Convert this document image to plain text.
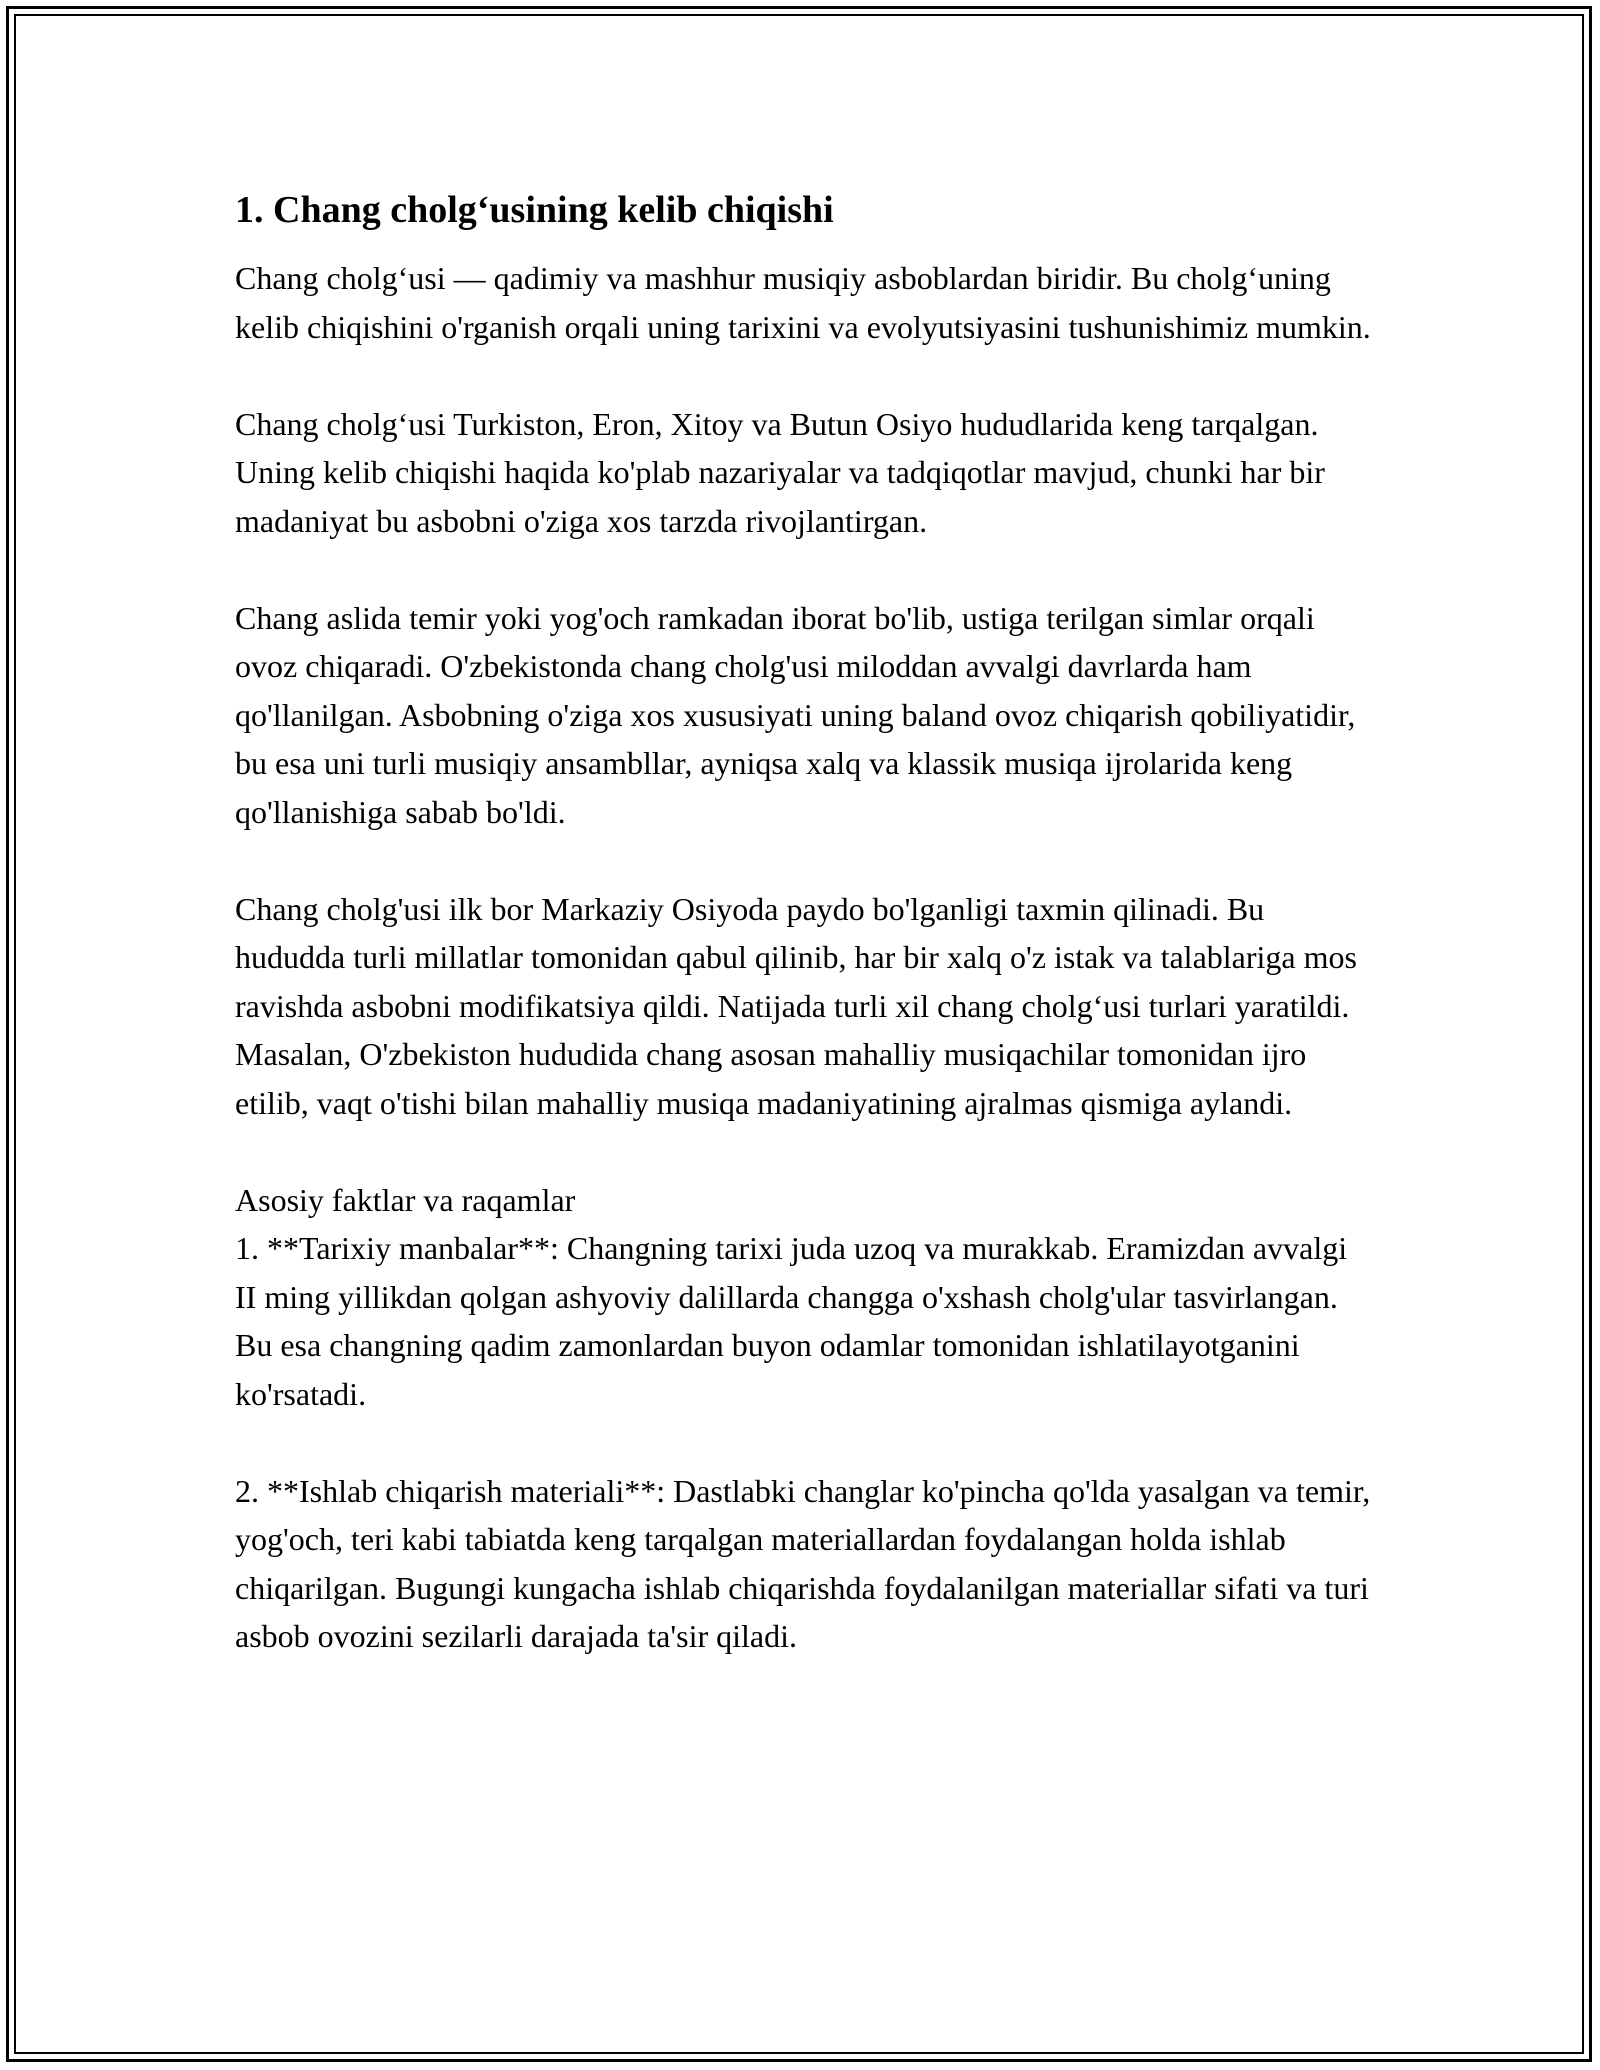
1. Chang cholg‘usining kelib chiqishi

Chang cholg‘usi — qadimiy va mashhur musiqiy asboblardan biridir. Bu cholg‘uning kelib chiqishini o'rganish orqali uning tarixini va evolyutsiyasini tushunishimiz mumkin.

Chang cholg‘usi Turkiston, Eron, Xitoy va Butun Osiyo hududlarida keng tarqalgan. Uning kelib chiqishi haqida ko'plab nazariyalar va tadqiqotlar mavjud, chunki har bir madaniyat bu asbobni o'ziga xos tarzda rivojlantirgan.

Chang aslida temir yoki yog'och ramkadan iborat bo'lib, ustiga terilgan simlar orqali ovoz chiqaradi. O'zbekistonda chang cholg'usi miloddan avvalgi davrlarda ham qo'llanilgan. Asbobning o'ziga xos xususiyati uning baland ovoz chiqarish qobiliyatidir, bu esa uni turli musiqiy ansambllar, ayniqsa xalq va klassik musiqa ijrolarida keng qo'llanishiga sabab bo'ldi.

Chang cholg'usi ilk bor Markaziy Osiyoda paydo bo'lganligi taxmin qilinadi. Bu hududda turli millatlar tomonidan qabul qilinib, har bir xalq o'z istak va talablariga mos ravishda asbobni modifikatsiya qildi. Natijada turli xil chang cholg‘usi turlari yaratildi. Masalan, O'zbekiston hududida chang asosan mahalliy musiqachilar tomonidan ijro etilib, vaqt o'tishi bilan mahalliy musiqa madaniyatining ajralmas qismiga aylandi.

Asosiy faktlar va raqamlar

1. **Tarixiy manbalar**: Changning tarixi juda uzoq va murakkab. Eramizdan avvalgi II ming yillikdan qolgan ashyoviy dalillarda changga o'xshash cholg'ular tasvirlangan. Bu esa changning qadim zamonlardan buyon odamlar tomonidan ishlatilayotganini ko'rsatadi.

2. **Ishlab chiqarish materiali**: Dastlabki changlar ko'pincha qo'lda yasalgan va temir, yog'och, teri kabi tabiatda keng tarqalgan materiallardan foydalangan holda ishlab chiqarilgan. Bugungi kungacha ishlab chiqarishda foydalanilgan materiallar sifati va turi asbob ovozini sezilarli darajada ta'sir qiladi.
